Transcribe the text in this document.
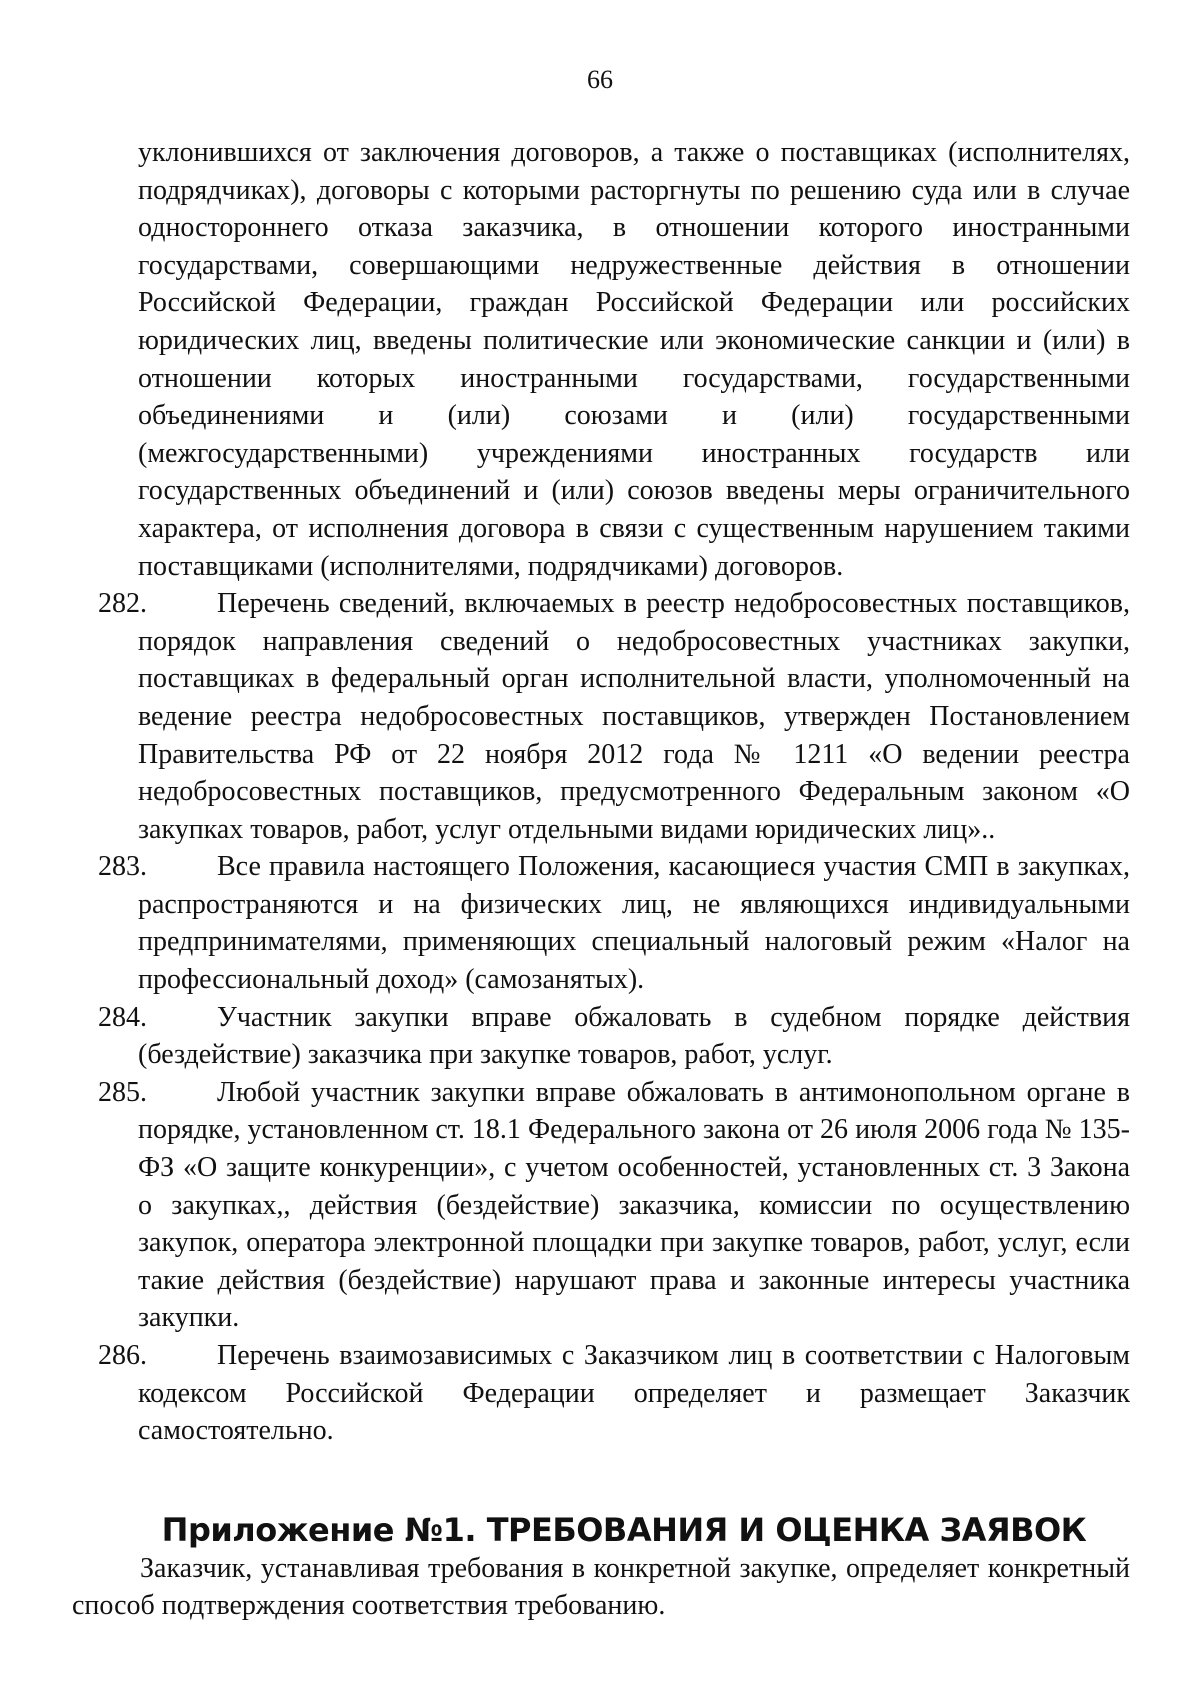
66

уклонившихся от заключения договоров, а также о поставщиках (исполнителях, подрядчиках), договоры с которыми расторгнуты по решению суда или в случае одностороннего отказа заказчика, в отношении которого иностранными государствами, совершающими недружественные действия в отношении Российской Федерации, граждан Российской Федерации или российских юридических лиц, введены политические или экономические санкции и (или) в отношении которых иностранными государствами, государственными объединениями и (или) союзами и (или) государственными (межгосударственными) учреждениями иностранных государств или государственных объединений и (или) союзов введены меры ограничительного характера, от исполнения договора в связи с существенным нарушением такими поставщиками (исполнителями, подрядчиками) договоров.

282.	Перечень сведений, включаемых в реестр недобросовестных поставщиков, порядок направления сведений о недобросовестных участниках закупки, поставщиках в федеральный орган исполнительной власти, уполномоченный на ведение реестра недобросовестных поставщиков, утвержден Постановлением Правительства РФ от 22 ноября 2012 года № 1211 «О ведении реестра недобросовестных поставщиков, предусмотренного Федеральным законом «О закупках товаров, работ, услуг отдельными видами юридических лиц»..
283.	Все правила настоящего Положения, касающиеся участия СМП в закупках, распространяются и на физических лиц, не являющихся индивидуальными предпринимателями, применяющих специальный налоговый режим «Налог на профессиональный доход» (самозанятых).
284.	Участник закупки вправе обжаловать в судебном порядке действия (бездействие) заказчика при закупке товаров, работ, услуг.
285.	Любой участник закупки вправе обжаловать в антимонопольном органе в порядке, установленном ст. 18.1 Федерального закона от 26 июля 2006 года № 135-ФЗ «О защите конкуренции», с учетом особенностей, установленных ст. 3 Закона о закупках,, действия (бездействие) заказчика, комиссии по осуществлению закупок, оператора электронной площадки при закупке товаров, работ, услуг, если такие действия (бездействие) нарушают права и законные интересы участника закупки.
286.	Перечень взаимозависимых с Заказчиком лиц в соответствии с Налоговым кодексом Российской Федерации определяет и размещает Заказчик самостоятельно.
Приложение №1. ТРЕБОВАНИЯ И ОЦЕНКА ЗАЯВОК

Заказчик, устанавливая требования в конкретной закупке, определяет конкретный способ подтверждения соответствия требованию.
